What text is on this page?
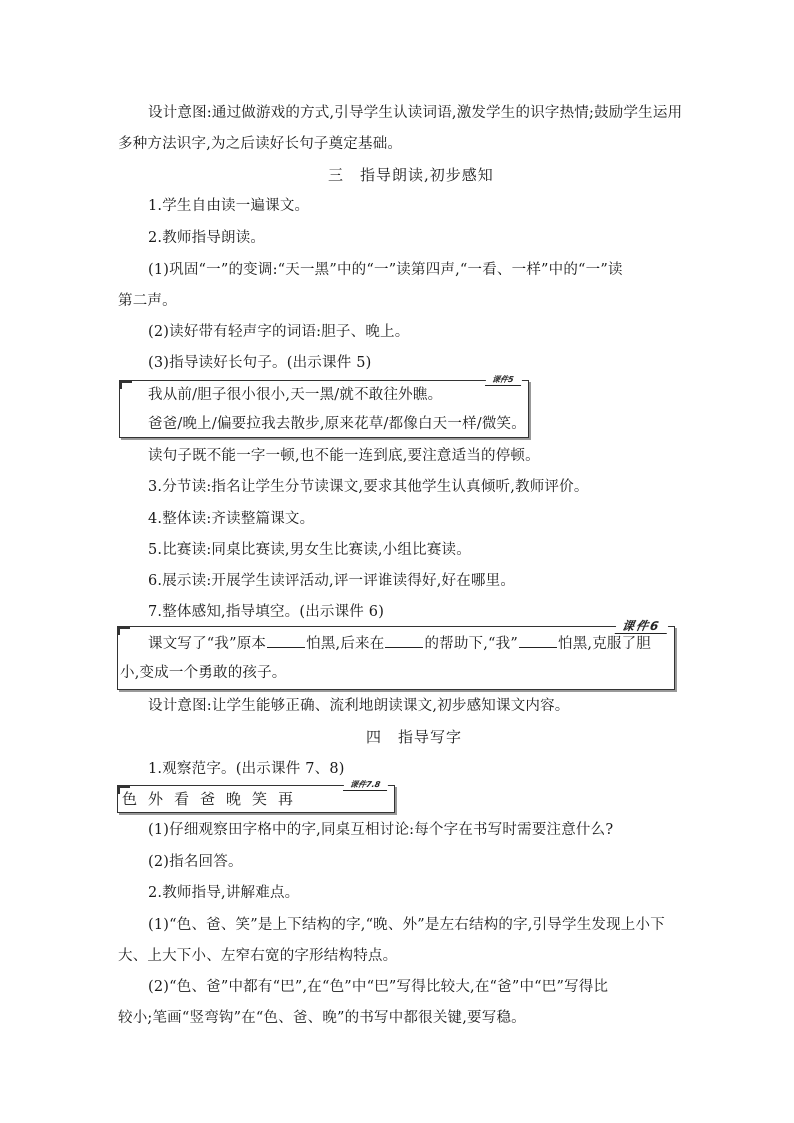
设计意图:通过做游戏的方式,引导学生认读词语,激发学生的识字热情;鼓励学生运用
多种方法识字,为之后读好长句子奠定基础。
三　指导朗读,初步感知
1.学生自由读一遍课文。
2.教师指导朗读。
(1)巩固“一”的变调:“天一黑”中的“一”读第四声,“一看、一样”中的“一”读
第二声。
(2)读好带有轻声字的词语:胆子、晚上。
(3)指导读好长句子。(出示课件 5)
课件5
我从前/胆子很小很小,天一黑/就不敢往外瞧。
爸爸/晚上/偏要拉我去散步,原来花草/都像白天一样/微笑。
读句子既不能一字一顿,也不能一连到底,要注意适当的停顿。
3.分节读:指名让学生分节读课文,要求其他学生认真倾听,教师评价。
4.整体读:齐读整篇课文。
5.比赛读:同桌比赛读,男女生比赛读,小组比赛读。
6.展示读:开展学生读评活动,评一评谁读得好,好在哪里。
7.整体感知,指导填空。(出示课件 6)
课件6
课文写了“我”原本	怕黑,后来在	的帮助下,“我”	怕黑,克服了胆
小,变成一个勇敢的孩子。
设计意图:让学生能够正确、流利地朗读课文,初步感知课文内容。
四　指导写字
1.观察范字。(出示课件 7、8)
课件7.8
色 外 看 爸 晚 笑 再
(1)仔细观察田字格中的字,同桌互相讨论:每个字在书写时需要注意什么?
(2)指名回答。
2.教师指导,讲解难点。
(1)“色、爸、笑”是上下结构的字,“晚、外”是左右结构的字,引导学生发现上小下
大、上大下小、左窄右宽的字形结构特点。
(2)“色、爸”中都有“巴”,在“色”中“巴”写得比较大,在“爸”中“巴”写得比
较小;笔画“竖弯钩”在“色、爸、晚”的书写中都很关键,要写稳。
